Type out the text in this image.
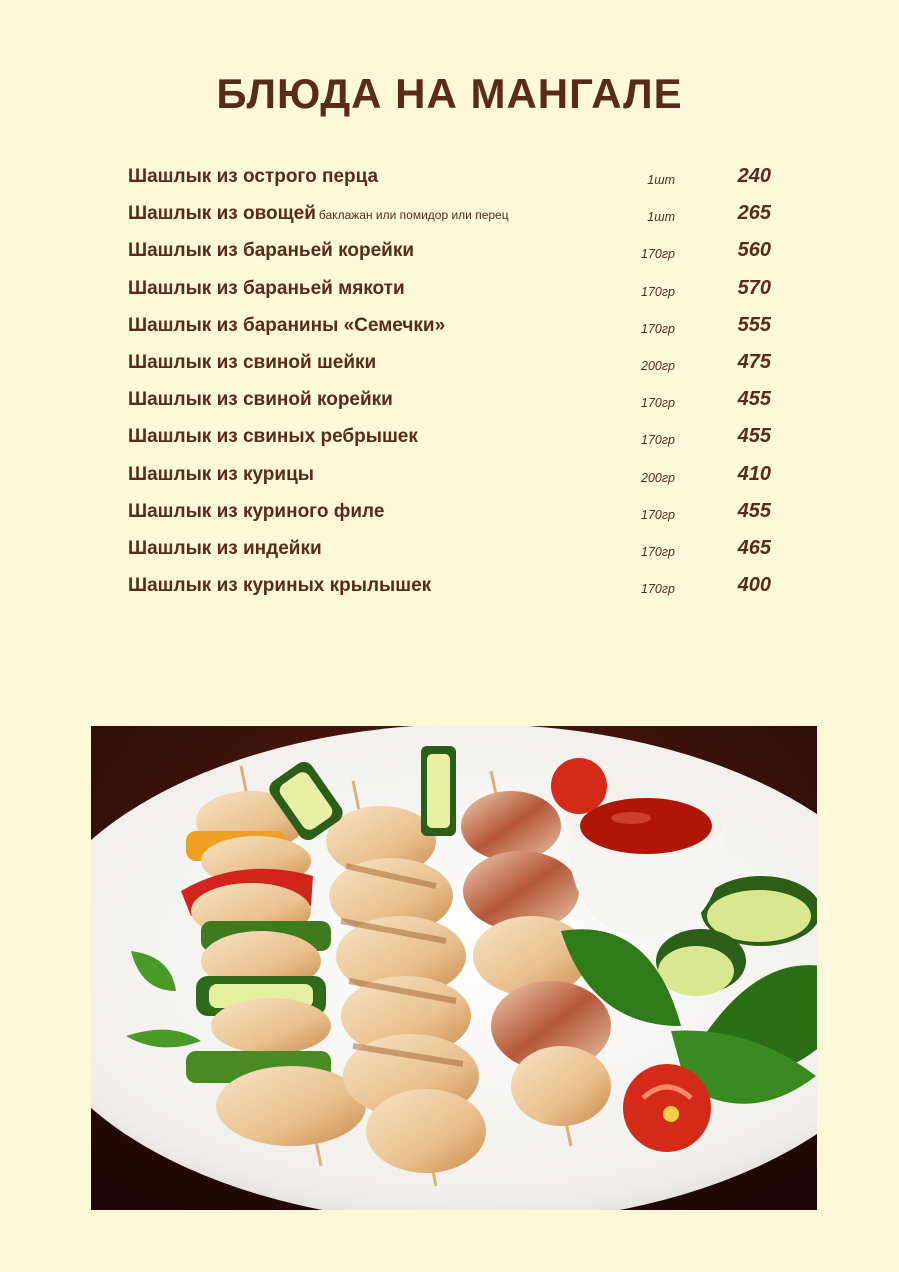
БЛЮДА НА МАНГАЛЕ
Шашлык из острого перца	1шт	240
Шашлык из овощей баклажан или помидор или перец	1шт	265
Шашлык из бараньей корейки	170гр	560
Шашлык из бараньей мякоти	170гр	570
Шашлык из баранины «Семечки»	170гр	555
Шашлык из свиной шейки	200гр	475
Шашлык из свиной корейки	170гр	455
Шашлык из свиных ребрышек	170гр	455
Шашлык из курицы	200гр	410
Шашлык из куриного филе	170гр	455
Шашлык из индейки	170гр	465
Шашлык из куриных крылышек	170гр	400
